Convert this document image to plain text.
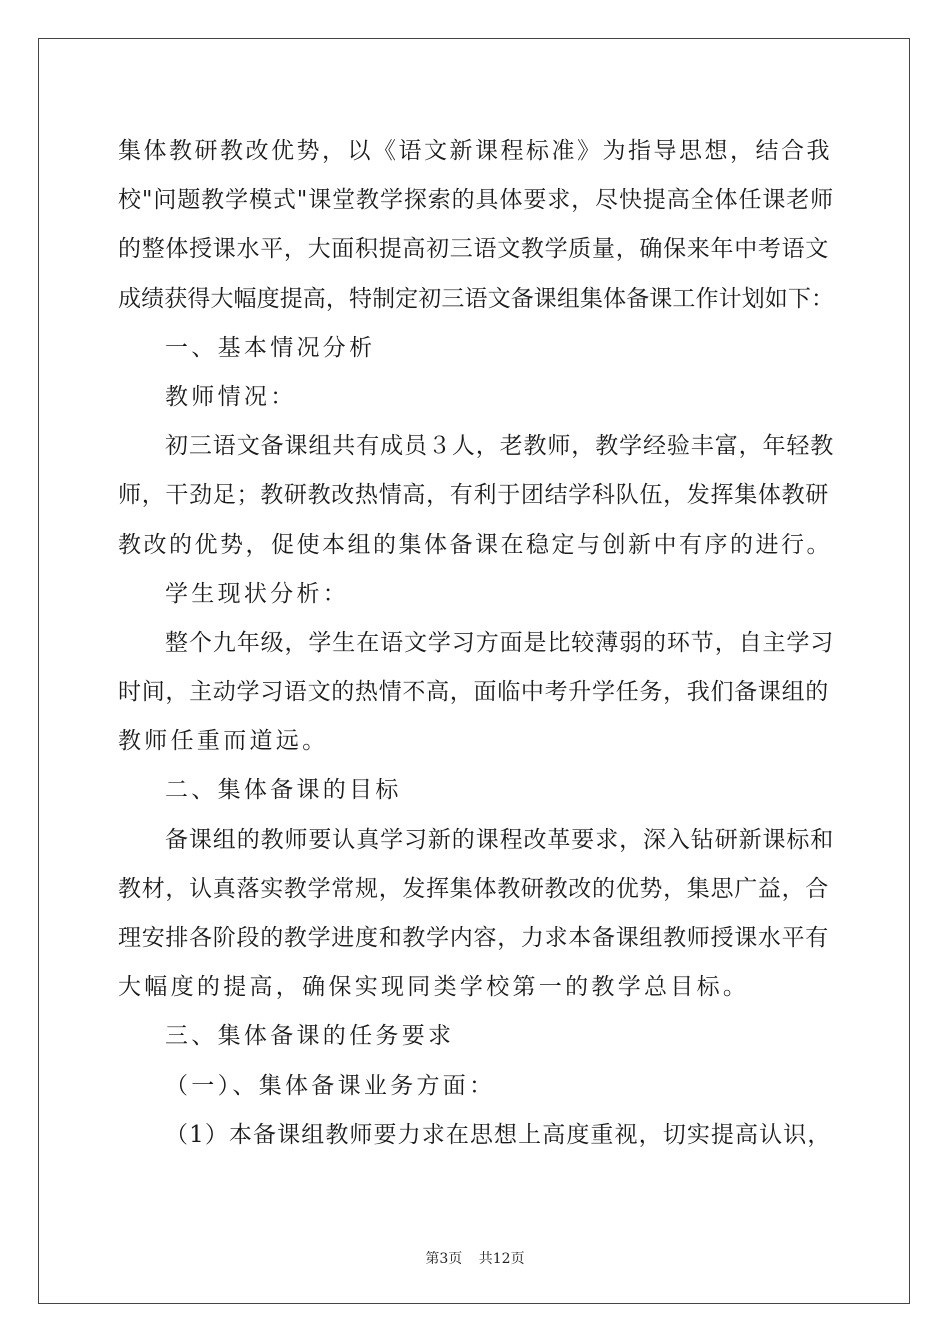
集体教研教改优势，以《语文新课程标准》为指导思想，结合我

校"问题教学模式"课堂教学探索的具体要求，尽快提高全体任课老师

的整体授课水平，大面积提高初三语文教学质量，确保来年中考语文

成绩获得大幅度提高，特制定初三语文备课组集体备课工作计划如下：

一、基本情况分析

教师情况：

初三语文备课组共有成员３人，老教师，教学经验丰富，年轻教

师，干劲足；教研教改热情高，有利于团结学科队伍，发挥集体教研

教改的优势，促使本组的集体备课在稳定与创新中有序的进行。

学生现状分析：

整个九年级，学生在语文学习方面是比较薄弱的环节，自主学习

时间，主动学习语文的热情不高，面临中考升学任务，我们备课组的

教师任重而道远。

二、集体备课的目标

备课组的教师要认真学习新的课程改革要求，深入钻研新课标和

教材，认真落实教学常规，发挥集体教研教改的优势，集思广益，合

理安排各阶段的教学进度和教学内容，力求本备课组教师授课水平有

大幅度的提高，确保实现同类学校第一的教学总目标。

三、集体备课的任务要求

（一）、集体备课业务方面：

（1）本备课组教师要力求在思想上高度重视，切实提高认识，

第3页 共12页
